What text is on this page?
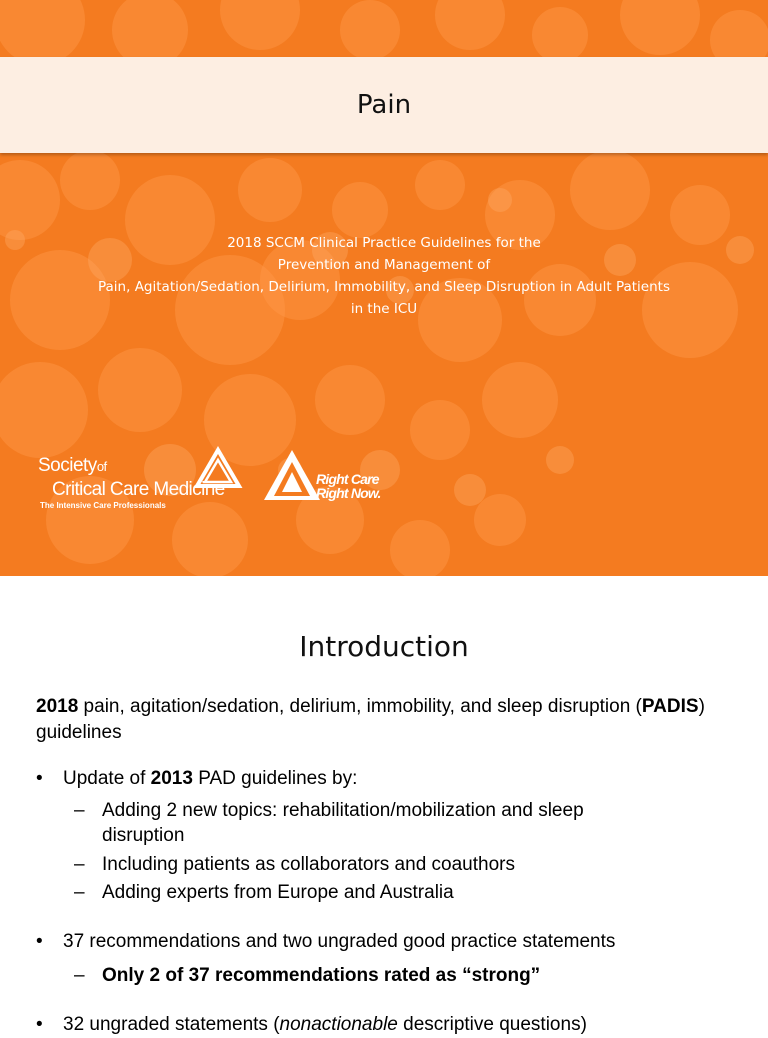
Pain
2018 SCCM Clinical Practice Guidelines for the
Prevention and Management of
Pain, Agitation/Sedation, Delirium, Immobility, and Sleep Disruption in Adult Patients
in the ICU
Societyof
Critical Care Medicine
The Intensive Care Professionals
Right Care
Right Now.
Introduction
2018 pain, agitation/sedation, delirium, immobility, and sleep disruption (PADIS) guidelines
• Update of 2013 PAD guidelines by:
– Adding 2 new topics: rehabilitation/mobilization and sleep
disruption
– Including patients as collaborators and coauthors
– Adding experts from Europe and Australia
• 37 recommendations and two ungraded good practice statements
– Only 2 of 37 recommendations rated as “strong”
• 32 ungraded statements (nonactionable descriptive questions)
